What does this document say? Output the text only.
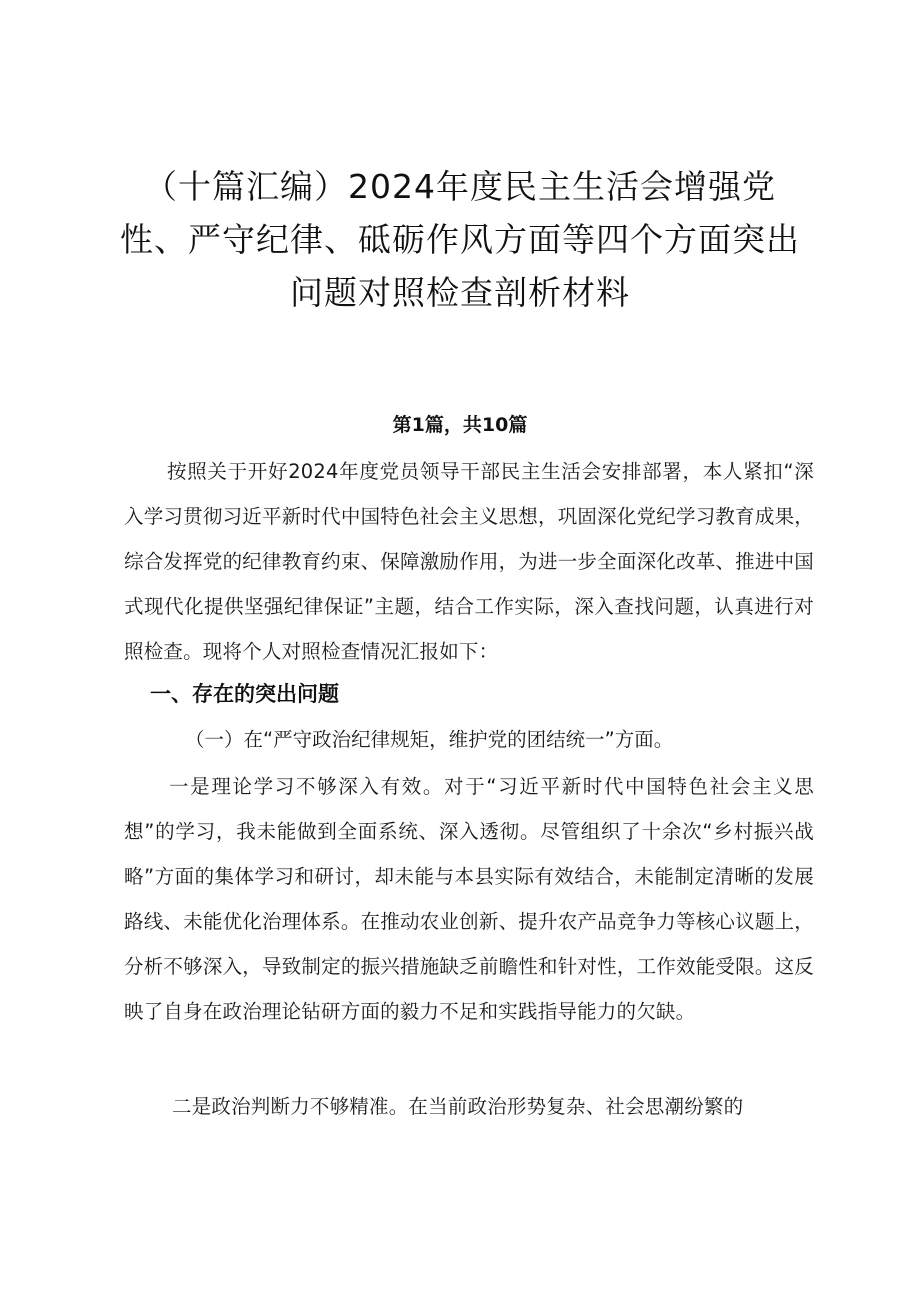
（十篇汇编）2024年度民主生活会增强党
性、严守纪律、砥砺作风方面等四个方面突出
问题对照检查剖析材料
第1篇，共10篇
按照关于开好2024年度党员领导干部民主生活会安排部署，本人紧扣“深入学习贯彻习近平新时代中国特色社会主义思想，巩固深化党纪学习教育成果，综合发挥党的纪律教育约束、保障激励作用，为进一步全面深化改革、推进中国式现代化提供坚强纪律保证”主题，结合工作实际，深入查找问题，认真进行对照检查。现将个人对照检查情况汇报如下：
一、存在的突出问题
（一）在“严守政治纪律规矩，维护党的团结统一”方面。
一是理论学习不够深入有效。对于“习近平新时代中国特色社会主义思想”的学习，我未能做到全面系统、深入透彻。尽管组织了十余次“乡村振兴战略”方面的集体学习和研讨，却未能与本县实际有效结合，未能制定清晰的发展路线、未能优化治理体系。在推动农业创新、提升农产品竞争力等核心议题上，分析不够深入，导致制定的振兴措施缺乏前瞻性和针对性，工作效能受限。这反映了自身在政治理论钻研方面的毅力不足和实践指导能力的欠缺。
二是政治判断力不够精准。在当前政治形势复杂、社会思潮纷繁的
